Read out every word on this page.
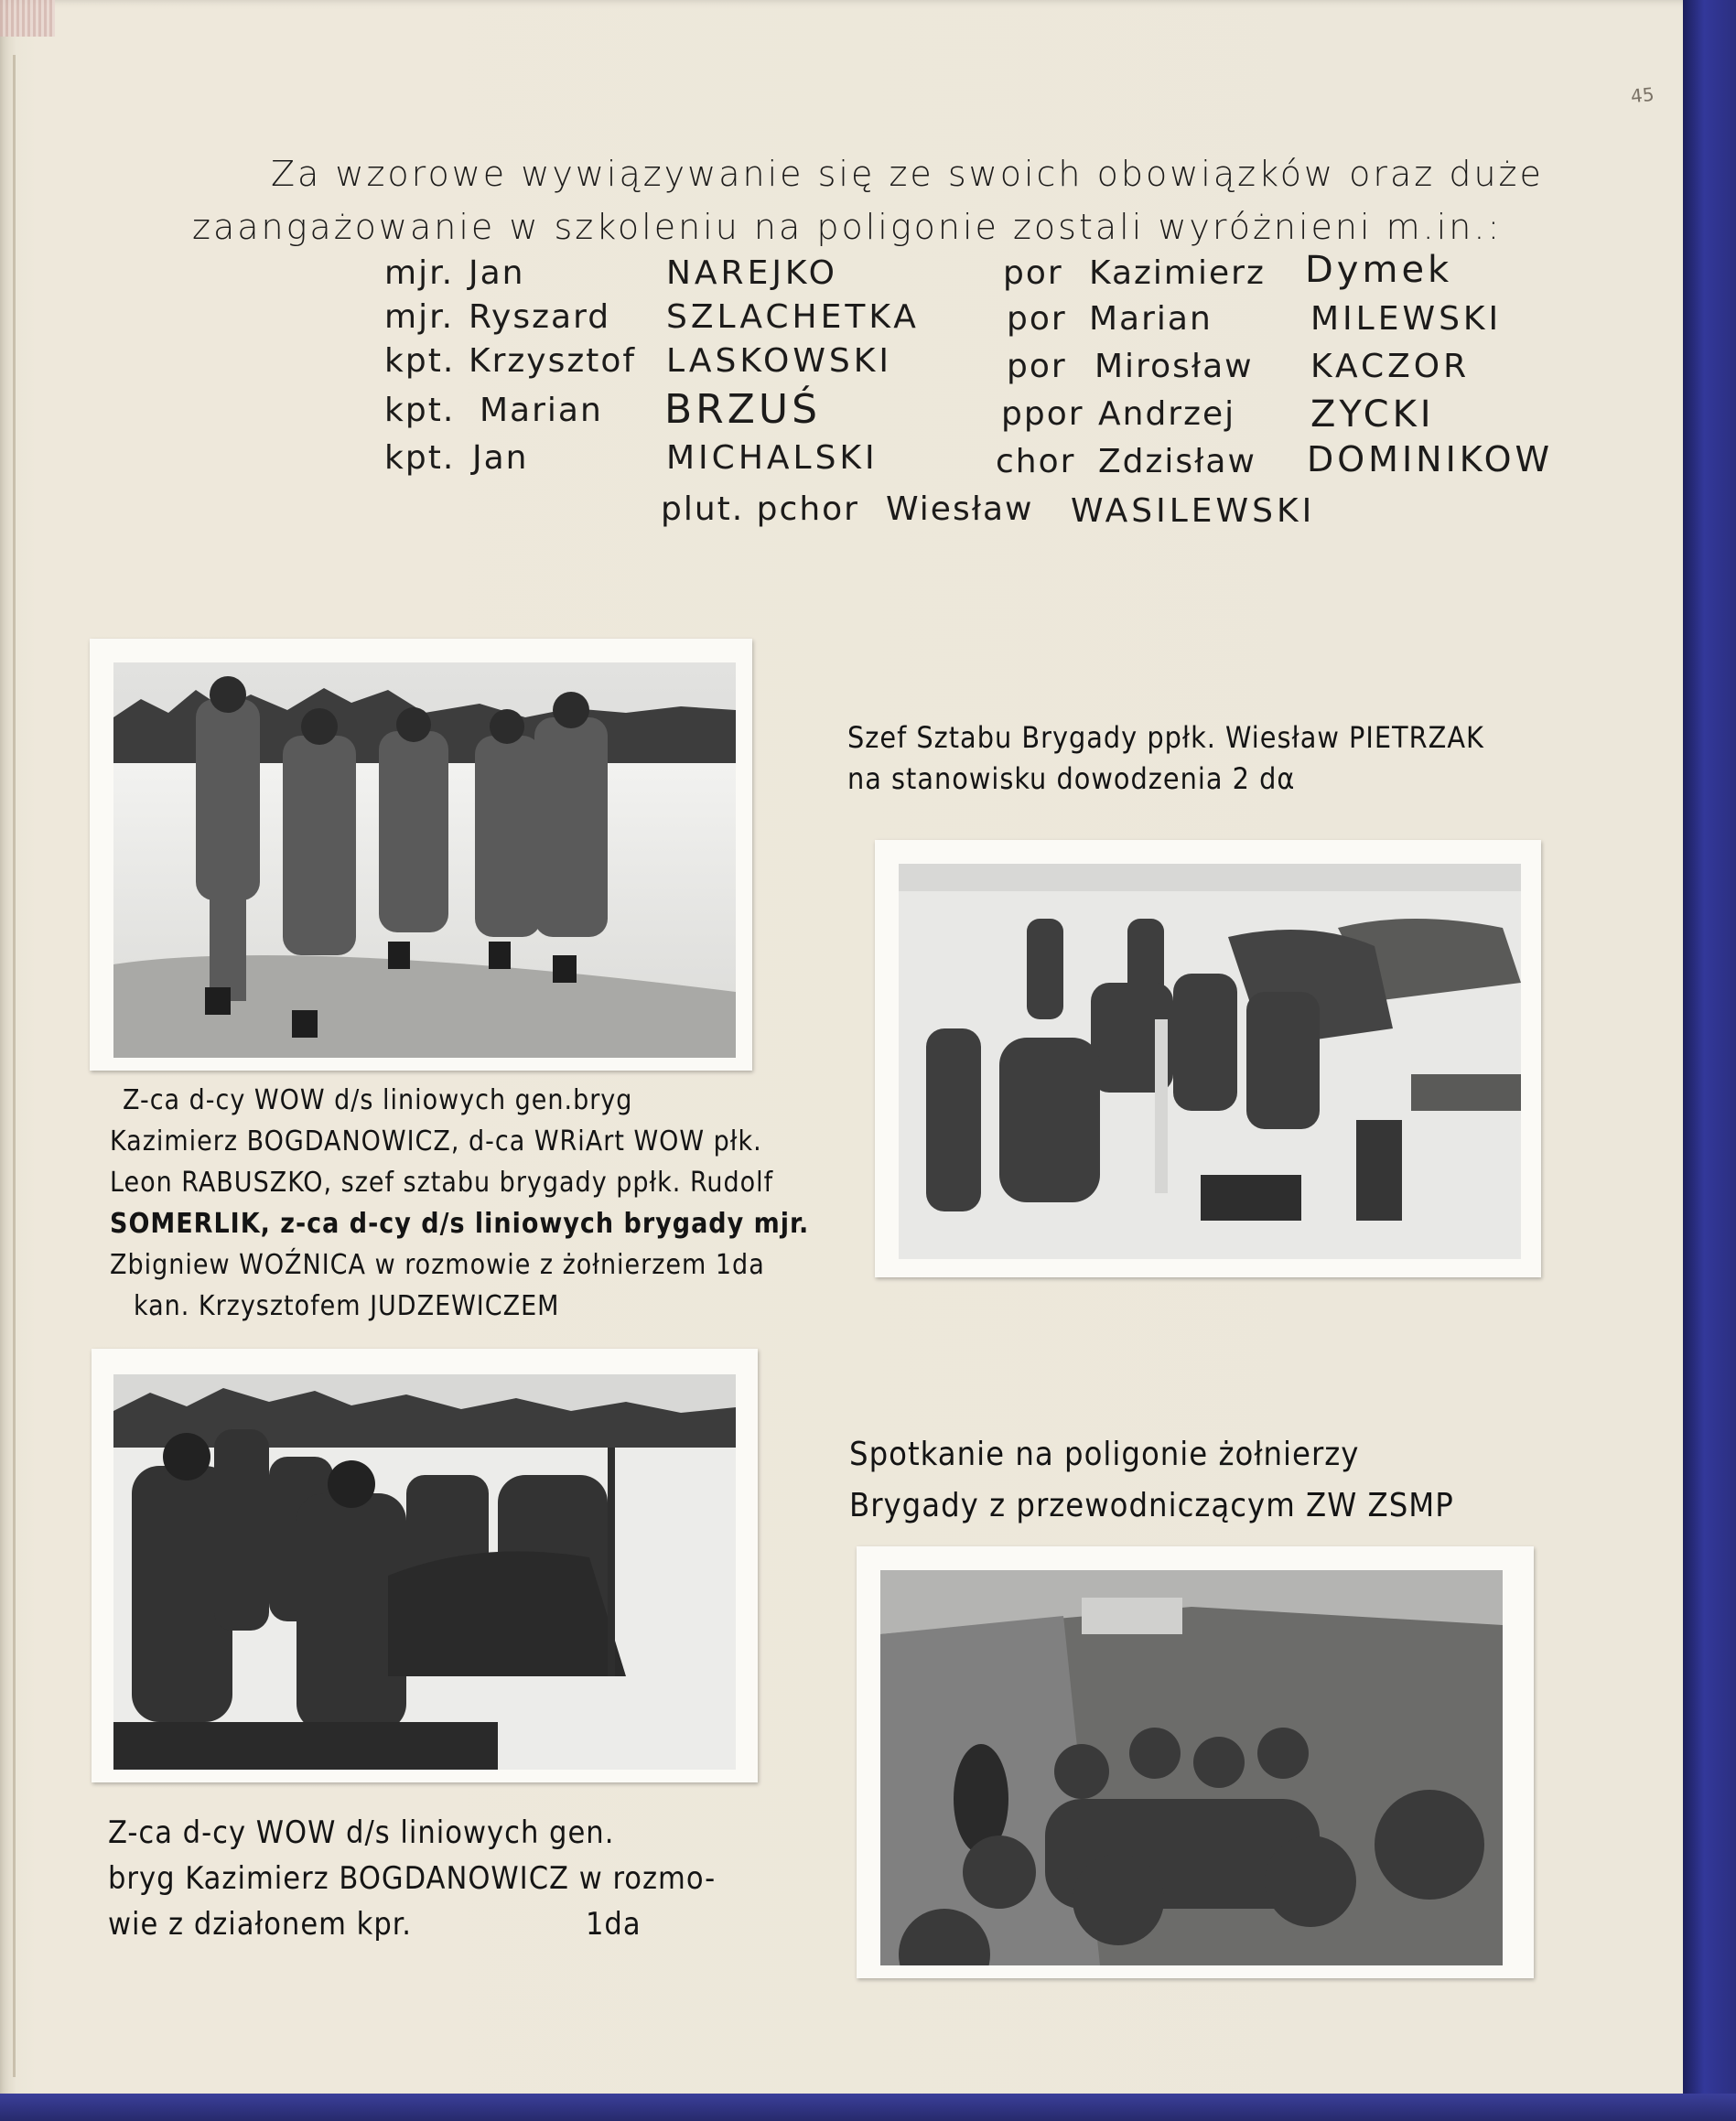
45
Za wzorowe wywiązywanie się ze swoich obowiązków oraz duże
zaangażowanie w szkoleniu na poligonie zostali wyróżnieni m.in.:
mjr. Jan	NAREJKO
mjr. Ryszard SZLACHETKA
kpt. Krzysztof LASKOWSKI
kpt. Marian BRZUŚ
kpt. Jan	MICHALSKI
por Kazimierz Dymek
por Marian	MILEWSKI
por Mirosław KACZOR
ppor Andrzej ZYCKI
chor Zdzisław DOMINIKOW
plut. pchor Wiesław WASILEWSKI
Szef Sztabu Brygady ppłk. Wiesław PIETRZAK
na stanowisku dowodzenia 2 dα
Z-ca d-cy WOW d/s liniowych gen.bryg
Kazimierz BOGDANOWICZ, d-ca WRiArt WOW płk.
Leon RABUSZKO, szef sztabu brygady ppłk. Rudolf
SOMERLIK, z-ca d-cy d/s liniowych brygady mjr.
Zbigniew WOŹNICA w rozmowie z żołnierzem 1da
kan. Krzysztofem JUDZEWICZEM
Spotkanie na poligonie żołnierzy
Brygady z przewodniczącym ZW ZSMP
Z-ca d-cy WOW d/s liniowych gen.
bryg Kazimierz BOGDANOWICZ w rozmo-
wie z działonem kpr.	1da
